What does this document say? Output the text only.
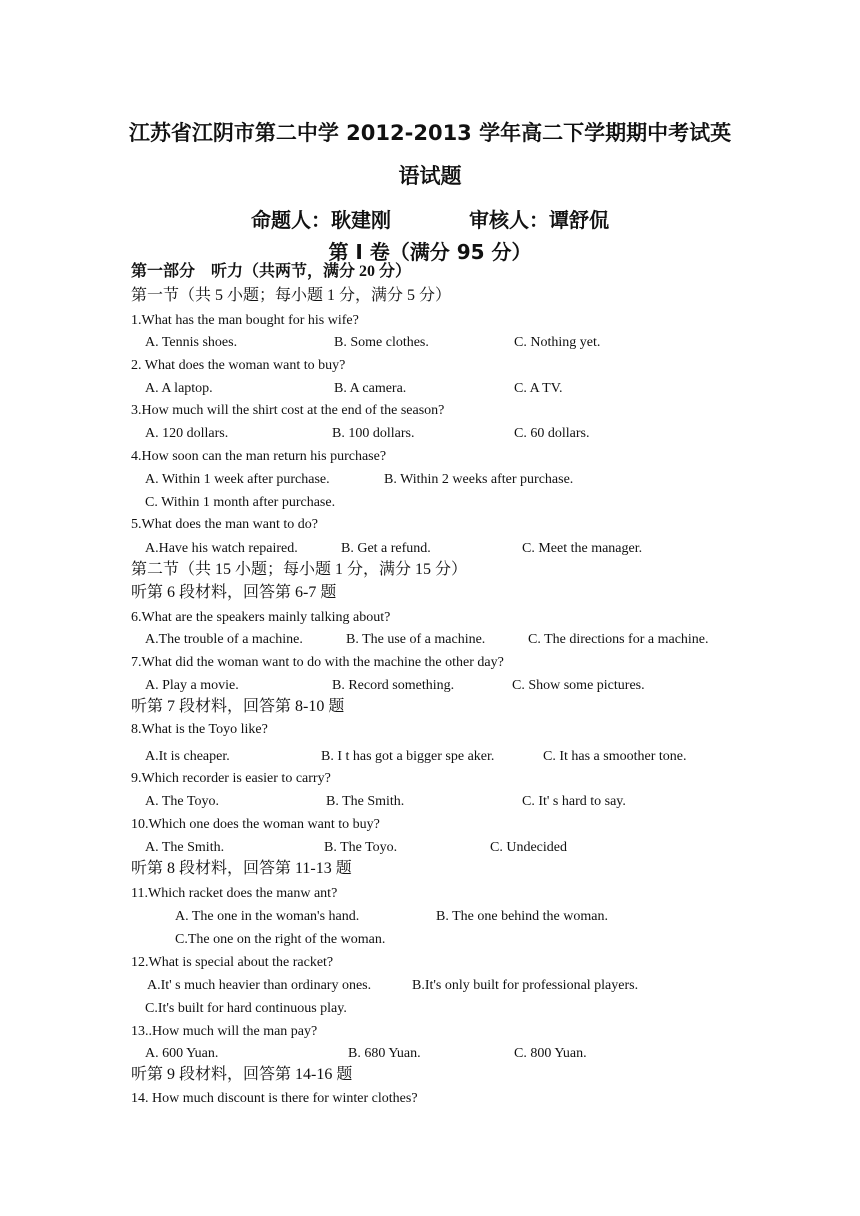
江苏省江阴市第二中学 2012-2013 学年高二下学期期中考试英
语试题
命题人：耿建刚	审核人：谭舒侃
第 I 卷（满分 95 分）
第一部分　听力（共两节，满分 20 分）
第一节（共 5 小题；每小题 1 分，满分 5 分）
1.What has the man bought for his wife?
A. Tennis shoes.	B. Some clothes.	C. Nothing yet.
2. What does the woman want to buy?
A. A laptop.	B. A camera.	C. A TV.
3.How much will the shirt cost at the end of the season?
A. 120 dollars.	B. 100 dollars.	C. 60 dollars.
4.How soon can the man return his purchase?
A. Within 1 week after purchase.	B. Within 2 weeks after purchase.
C. Within 1 month after purchase.
5.What does the man want to do?
A.Have his watch repaired.	B. Get a refund.	C. Meet the manager.
第二节（共 15 小题；每小题 1 分，满分 15 分）
听第 6 段材料，回答第 6-7 题
6.What are the speakers mainly talking about?
A.The trouble of a machine.	B. The use of a machine.	C. The directions for a machine.
7.What did the woman want to do with the machine the other day?
A. Play a movie.	B. Record something.	C. Show some pictures.
听第 7 段材料，回答第 8-10 题
8.What is the Toyo like?
A.It is cheaper.	B. I t has got a bigger spe aker.	C. It has a smoother tone.
9.Which recorder is easier to carry?
A. The Toyo.	B. The Smith.	C. It' s hard to say.
10.Which one does the woman want to buy?
A. The Smith.	B. The Toyo.	C. Undecided
听第 8 段材料，回答第 11-13 题
11.Which racket does the manw ant?
A. The one in the woman's hand.	B. The one behind the woman.
C.The one on the right of the woman.
12.What is special about the racket?
A.It' s much heavier than ordinary ones.	B.It's only built for professional players.
C.It's built for hard continuous play.
13..How much will the man pay?
A. 600 Yuan.	B. 680 Yuan.	C. 800 Yuan.
听第 9 段材料，回答第 14-16 题
14. How much discount is there for winter clothes?
